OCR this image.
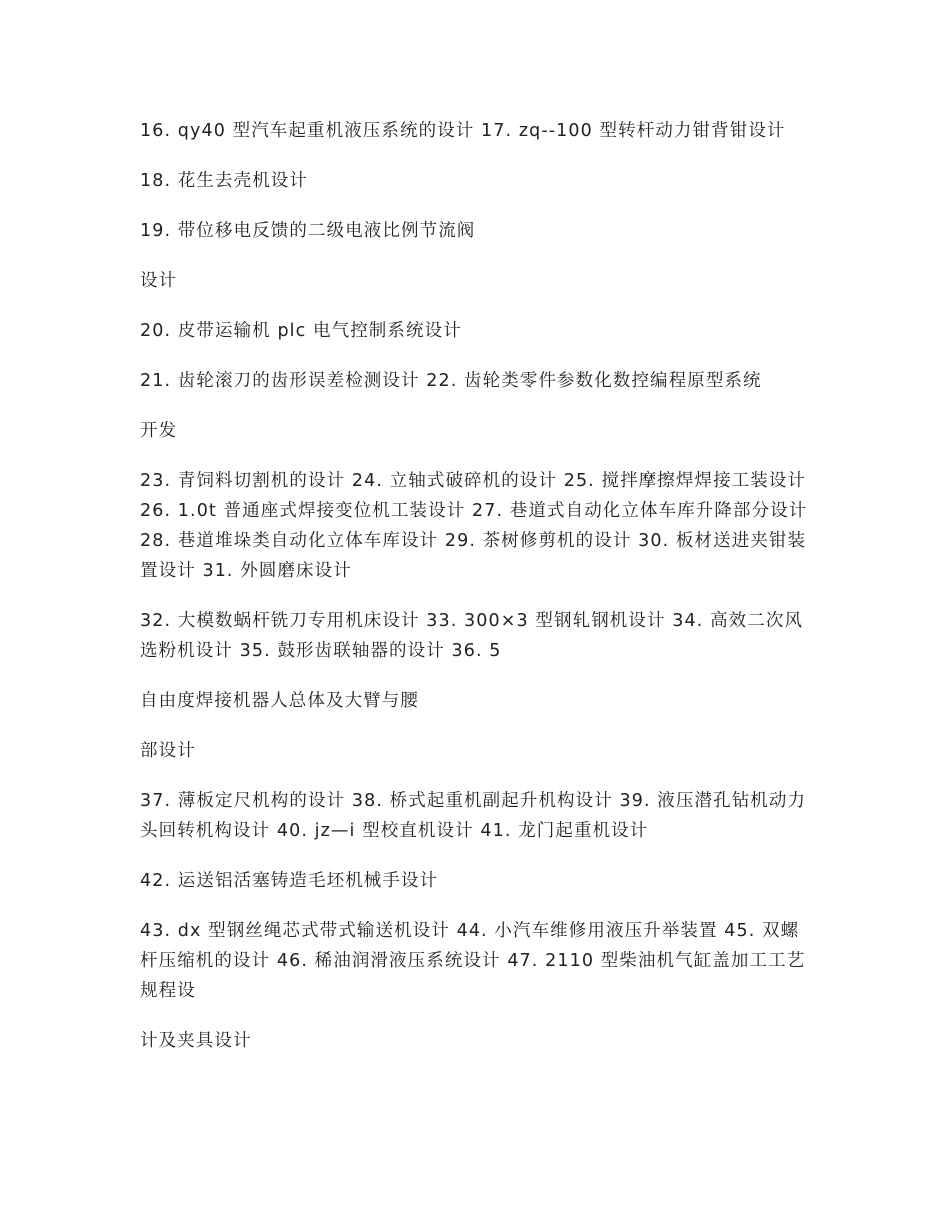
16. qy40 型汽车起重机液压系统的设计 17. zq--100 型转杆动力钳背钳设计

18. 花生去壳机设计

19. 带位移电反馈的二级电液比例节流阀

设计

20. 皮带运输机 plc 电气控制系统设计

21. 齿轮滚刀的齿形误差检测设计 22. 齿轮类零件参数化数控编程原型系统

开发

23. 青饲料切割机的设计 24. 立轴式破碎机的设计 25. 搅拌摩擦焊焊接工装设计 26. 1.0t 普通座式焊接变位机工装设计 27. 巷道式自动化立体车库升降部分设计 28. 巷道堆垛类自动化立体车库设计 29. 茶树修剪机的设计 30. 板材送进夹钳装置设计 31. 外圆磨床设计

32. 大模数蜗杆铣刀专用机床设计 33. 300×3 型钢轧钢机设计 34. 高效二次风选粉机设计 35. 鼓形齿联轴器的设计 36. 5

自由度焊接机器人总体及大臂与腰

部设计

37. 薄板定尺机构的设计 38. 桥式起重机副起升机构设计 39. 液压潜孔钻机动力头回转机构设计 40. jz—i 型校直机设计 41. 龙门起重机设计

42. 运送铝活塞铸造毛坯机械手设计

43. dx 型钢丝绳芯式带式输送机设计 44. 小汽车维修用液压升举装置 45. 双螺杆压缩机的设计 46. 稀油润滑液压系统设计 47. 2110 型柴油机气缸盖加工工艺规程设

计及夹具设计
